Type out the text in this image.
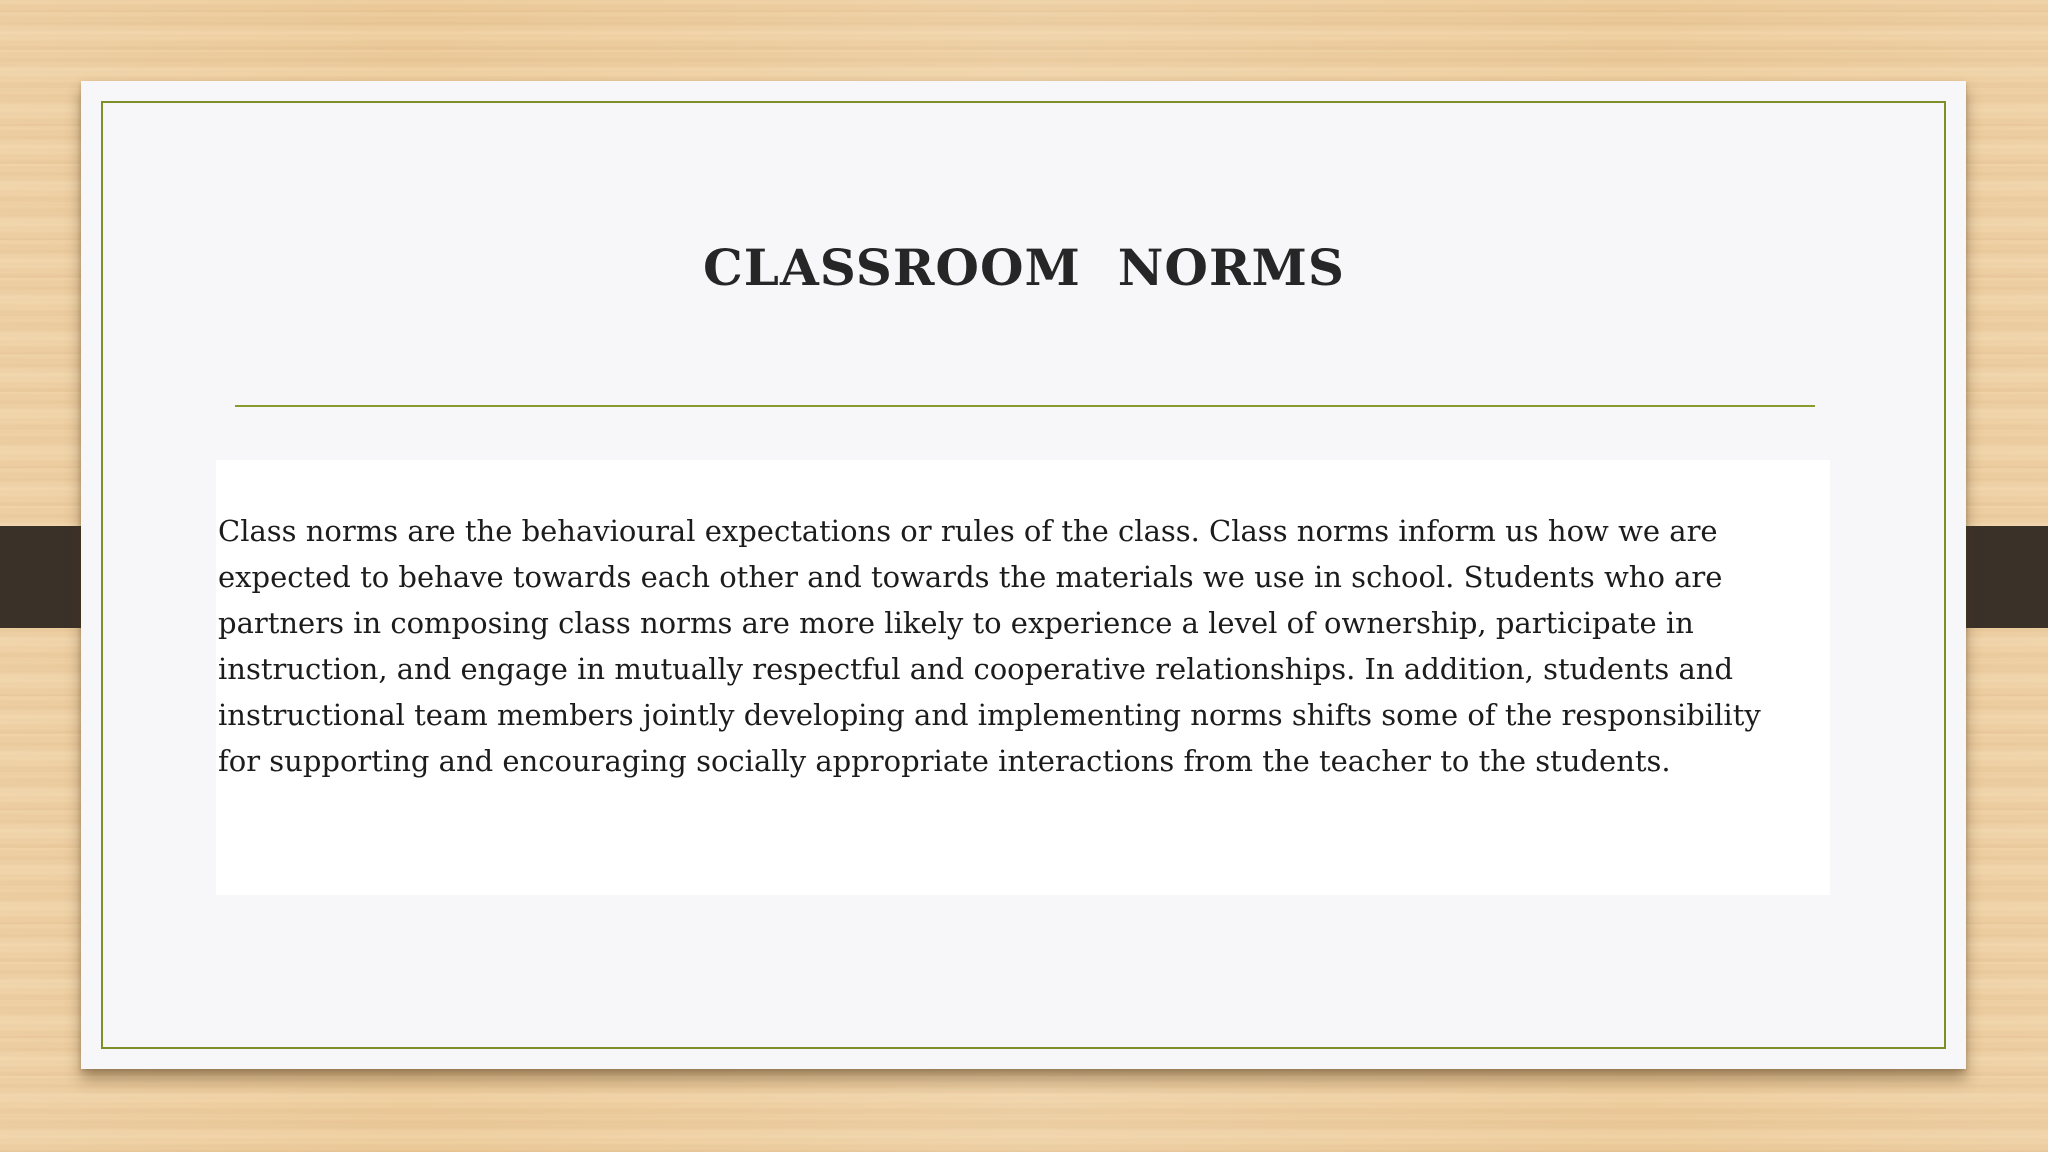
CLASSROOM  NORMS

Class norms are the behavioural expectations or rules of the class. Class norms inform us how we are expected to behave towards each other and towards the materials we use in school. Students who are partners in composing class norms are more likely to experience a level of ownership, participate in instruction, and engage in mutually respectful and cooperative relationships. In addition, students and instructional team members jointly developing and implementing norms shifts some of the responsibility for supporting and encouraging socially appropriate interactions from the teacher to the students.
